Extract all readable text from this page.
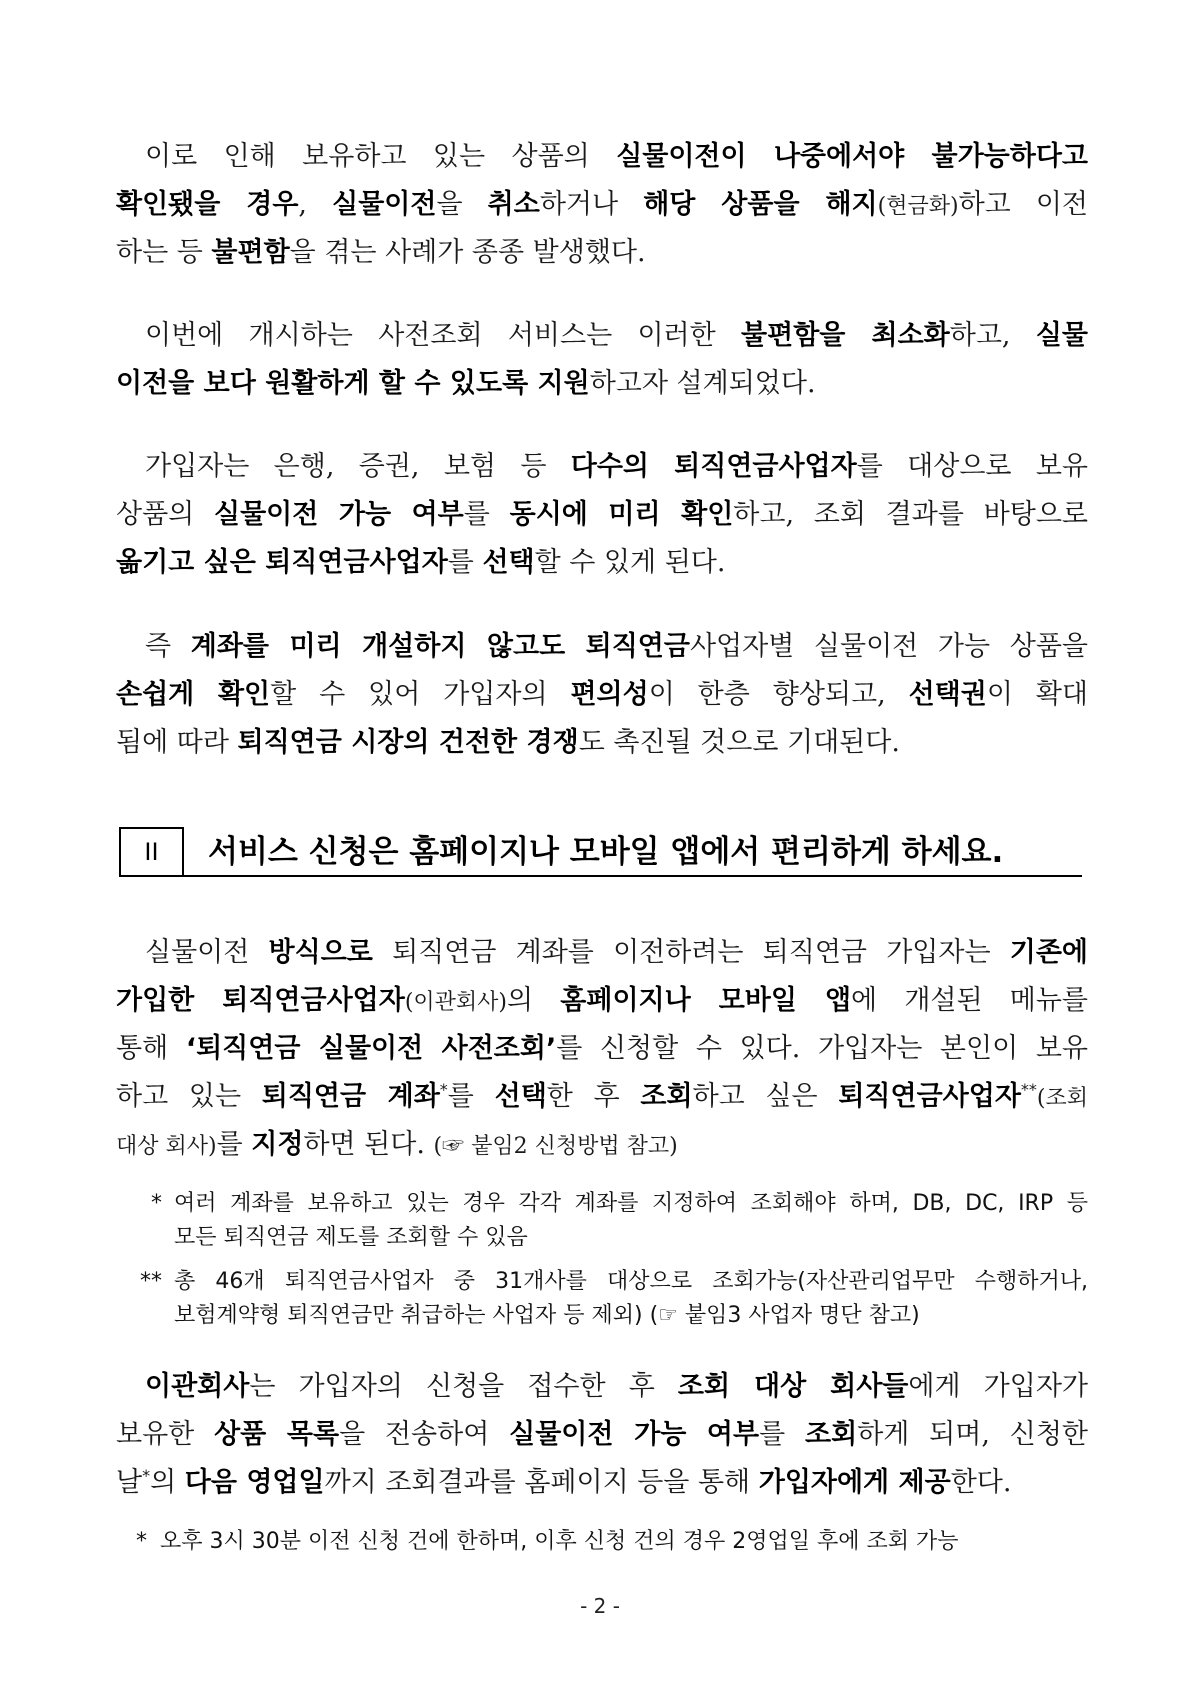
이로 인해 보유하고 있는 상품의 실물이전이 나중에서야 불가능하다고
확인됐을 경우, 실물이전을 취소하거나 해당 상품을 해지(현금화)하고 이전
하는 등 불편함을 겪는 사례가 종종 발생했다.
이번에 개시하는 사전조회 서비스는 이러한 불편함을 최소화하고, 실물
이전을 보다 원활하게 할 수 있도록 지원하고자 설계되었다.
가입자는 은행, 증권, 보험 등 다수의 퇴직연금사업자를 대상으로 보유
상품의 실물이전 가능 여부를 동시에 미리 확인하고, 조회 결과를 바탕으로
옮기고 싶은 퇴직연금사업자를 선택할 수 있게 된다.
즉 계좌를 미리 개설하지 않고도 퇴직연금사업자별 실물이전 가능 상품을
손쉽게 확인할 수 있어 가입자의 편의성이 한층 향상되고, 선택권이 확대
됨에 따라 퇴직연금 시장의 건전한 경쟁도 촉진될 것으로 기대된다.
II 서비스 신청은 홈페이지나 모바일 앱에서 편리하게 하세요.
실물이전 방식으로 퇴직연금 계좌를 이전하려는 퇴직연금 가입자는 기존에
가입한 퇴직연금사업자(이관회사)의 홈페이지나 모바일 앱에 개설된 메뉴를
통해 ‘퇴직연금 실물이전 사전조회’를 신청할 수 있다. 가입자는 본인이 보유
하고 있는 퇴직연금 계좌*를 선택한 후 조회하고 싶은 퇴직연금사업자**(조회
대상 회사)를 지정하면 된다. (☞ 붙임2 신청방법 참고)
* 여러 계좌를 보유하고 있는 경우 각각 계좌를 지정하여 조회해야 하며, DB, DC, IRP 등
모든 퇴직연금 제도를 조회할 수 있음
** 총 46개 퇴직연금사업자 중 31개사를 대상으로 조회가능(자산관리업무만 수행하거나,
보험계약형 퇴직연금만 취급하는 사업자 등 제외) (☞ 붙임3 사업자 명단 참고)
이관회사는 가입자의 신청을 접수한 후 조회 대상 회사들에게 가입자가
보유한 상품 목록을 전송하여 실물이전 가능 여부를 조회하게 되며, 신청한
날*의 다음 영업일까지 조회결과를 홈페이지 등을 통해 가입자에게 제공한다.
* 오후 3시 30분 이전 신청 건에 한하며, 이후 신청 건의 경우 2영업일 후에 조회 가능
- 2 -
